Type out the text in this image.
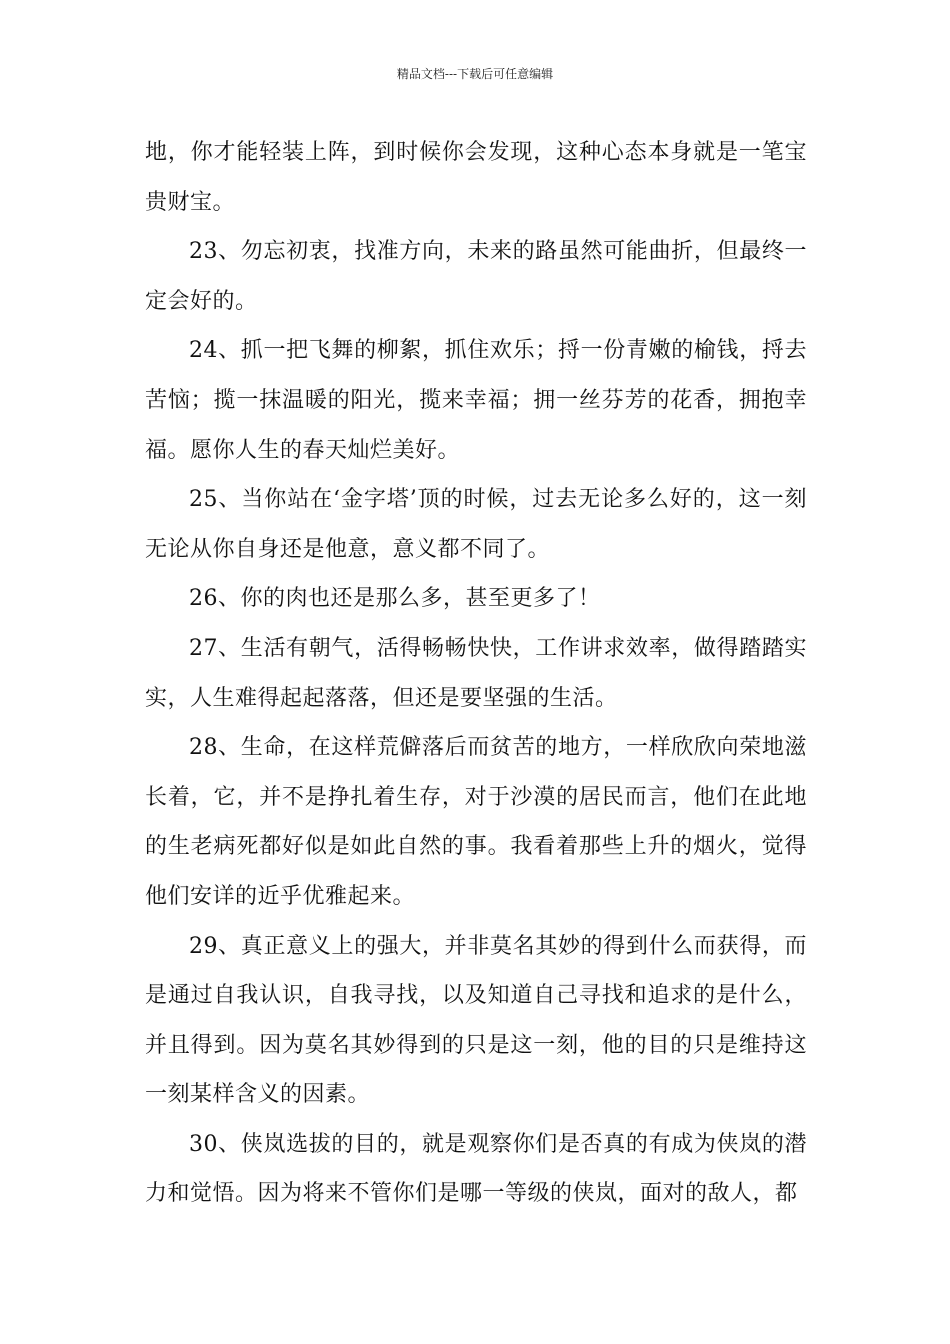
精品文档---下载后可任意编辑

地，你才能轻装上阵，到时候你会发现，这种心态本身就是一笔宝贵财宝。

23、勿忘初衷，找准方向，未来的路虽然可能曲折，但最终一定会好的。

24、抓一把飞舞的柳絮，抓住欢乐；捋一份青嫩的榆钱，捋去苦恼；揽一抹温暖的阳光，揽来幸福；拥一丝芬芳的花香，拥抱幸福。愿你人生的春天灿烂美好。

25、当你站在‘金字塔’顶的时候，过去无论多么好的，这一刻无论从你自身还是他意，意义都不同了。

26、你的肉也还是那么多，甚至更多了！

27、生活有朝气，活得畅畅快快，工作讲求效率，做得踏踏实实，人生难得起起落落，但还是要坚强的生活。

28、生命，在这样荒僻落后而贫苦的地方，一样欣欣向荣地滋长着，它，并不是挣扎着生存，对于沙漠的居民而言，他们在此地的生老病死都好似是如此自然的事。我看着那些上升的烟火，觉得他们安详的近乎优雅起来。

29、真正意义上的强大，并非莫名其妙的得到什么而获得，而是通过自我认识，自我寻找，以及知道自己寻找和追求的是什么，并且得到。因为莫名其妙得到的只是这一刻，他的目的只是维持这一刻某样含义的因素。

30、侠岚选拔的目的，就是观察你们是否真的有成为侠岚的潜力和觉悟。因为将来不管你们是哪一等级的侠岚，面对的敌人，都
